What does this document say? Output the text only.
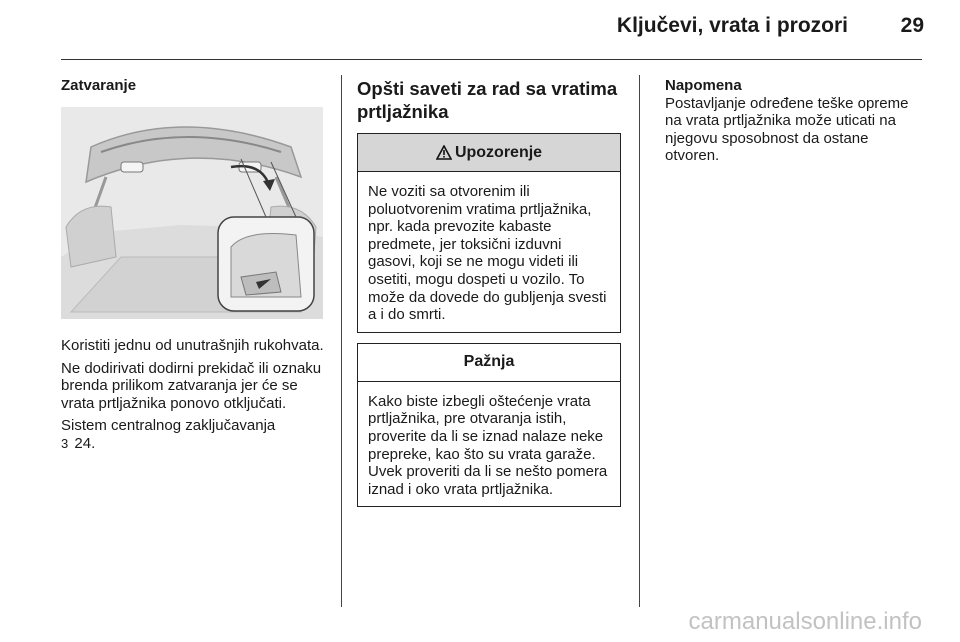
Ključevi, vrata i prozori	29
Zatvaranje

Koristiti jednu od unutrašnjih rukohvata.

Ne dodirivati dodirni prekidač ili oznaku brenda prilikom zatvaranja jer će se vrata prtljažnika ponovo otključati.

Sistem centralnog zaključavanja
3 24.

Opšti saveti za rad sa vratima prtljažnika
Upozorenje
Ne voziti sa otvorenim ili poluotvorenim vratima prtljažnika, npr. kada prevozite kabaste predmete, jer toksični izduvni gasovi, koji se ne mogu videti ili osetiti, mogu dospeti u vozilo. To može da dovede do gubljenja svesti a i do smrti.
Pažnja
Kako biste izbegli oštećenje vrata prtljažnika, pre otvaranja istih, proverite da li se iznad nalaze neke prepreke, kao što su vrata garaže. Uvek proveriti da li se nešto pomera iznad i oko vrata prtljažnika.
Napomena
Postavljanje određene teške opreme na vrata prtljažnika može uticati na njegovu sposobnost da ostane otvoren.
carmanualsonline.info
